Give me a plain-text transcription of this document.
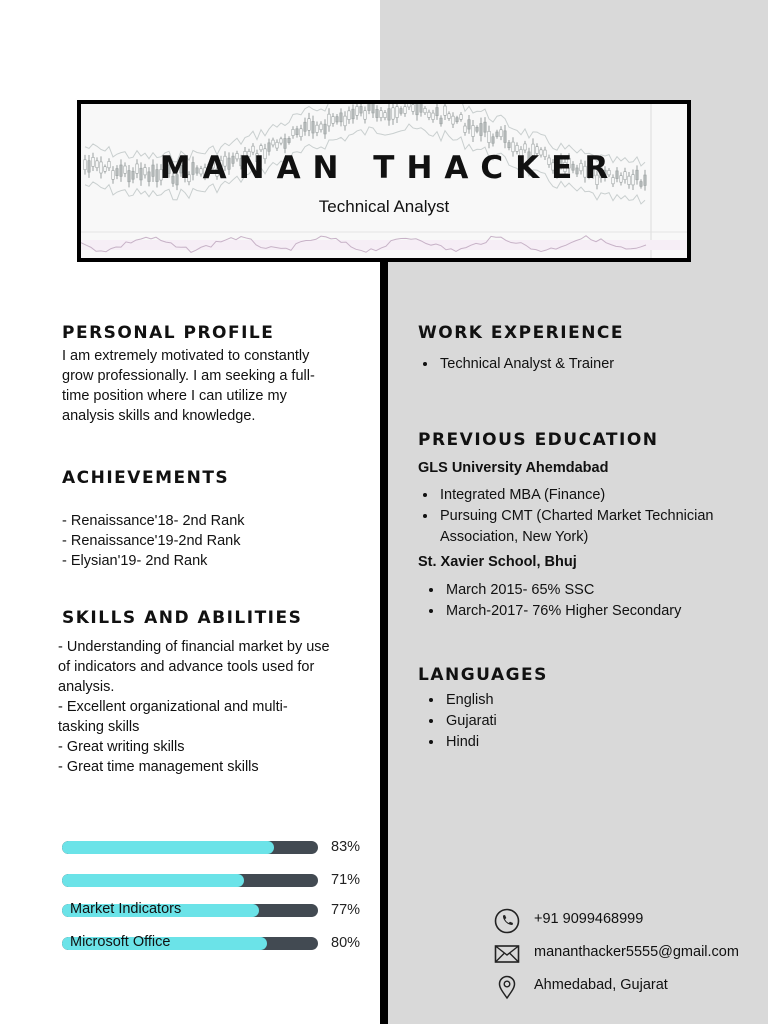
MANAN THACKER
Technical Analyst
PERSONAL PROFILE

I am extremely motivated to constantly

grow professionally. I am seeking a full-

time position where I can utilize my

analysis skills and knowledge.

ACHIEVEMENTS

- Renaissance'18- 2nd Rank

- Renaissance'19-2nd Rank

- Elysian'19- 2nd Rank

SKILLS AND ABILITIES

- Understanding of financial market by use

of indicators and advance tools used for

analysis.

- Excellent organizational and multi-

tasking skills

- Great writing skills

- Great time management skills

83%
71%
Market Indicators	77%
Microsoft Office	80%
WORK EXPERIENCE
• Technical Analyst & Trainer
PREVIOUS EDUCATION
GLS University Ahemdabad
• Integrated MBA (Finance)
• Pursuing CMT (Charted Market Technician Association, New York)
St. Xavier School, Bhuj
• March 2015- 65% SSC
• March-2017- 76% Higher Secondary
LANGUAGES
• English
• Gujarati
• Hindi
+91 9099468999
mananthacker5555@gmail.com
Ahmedabad, Gujarat
